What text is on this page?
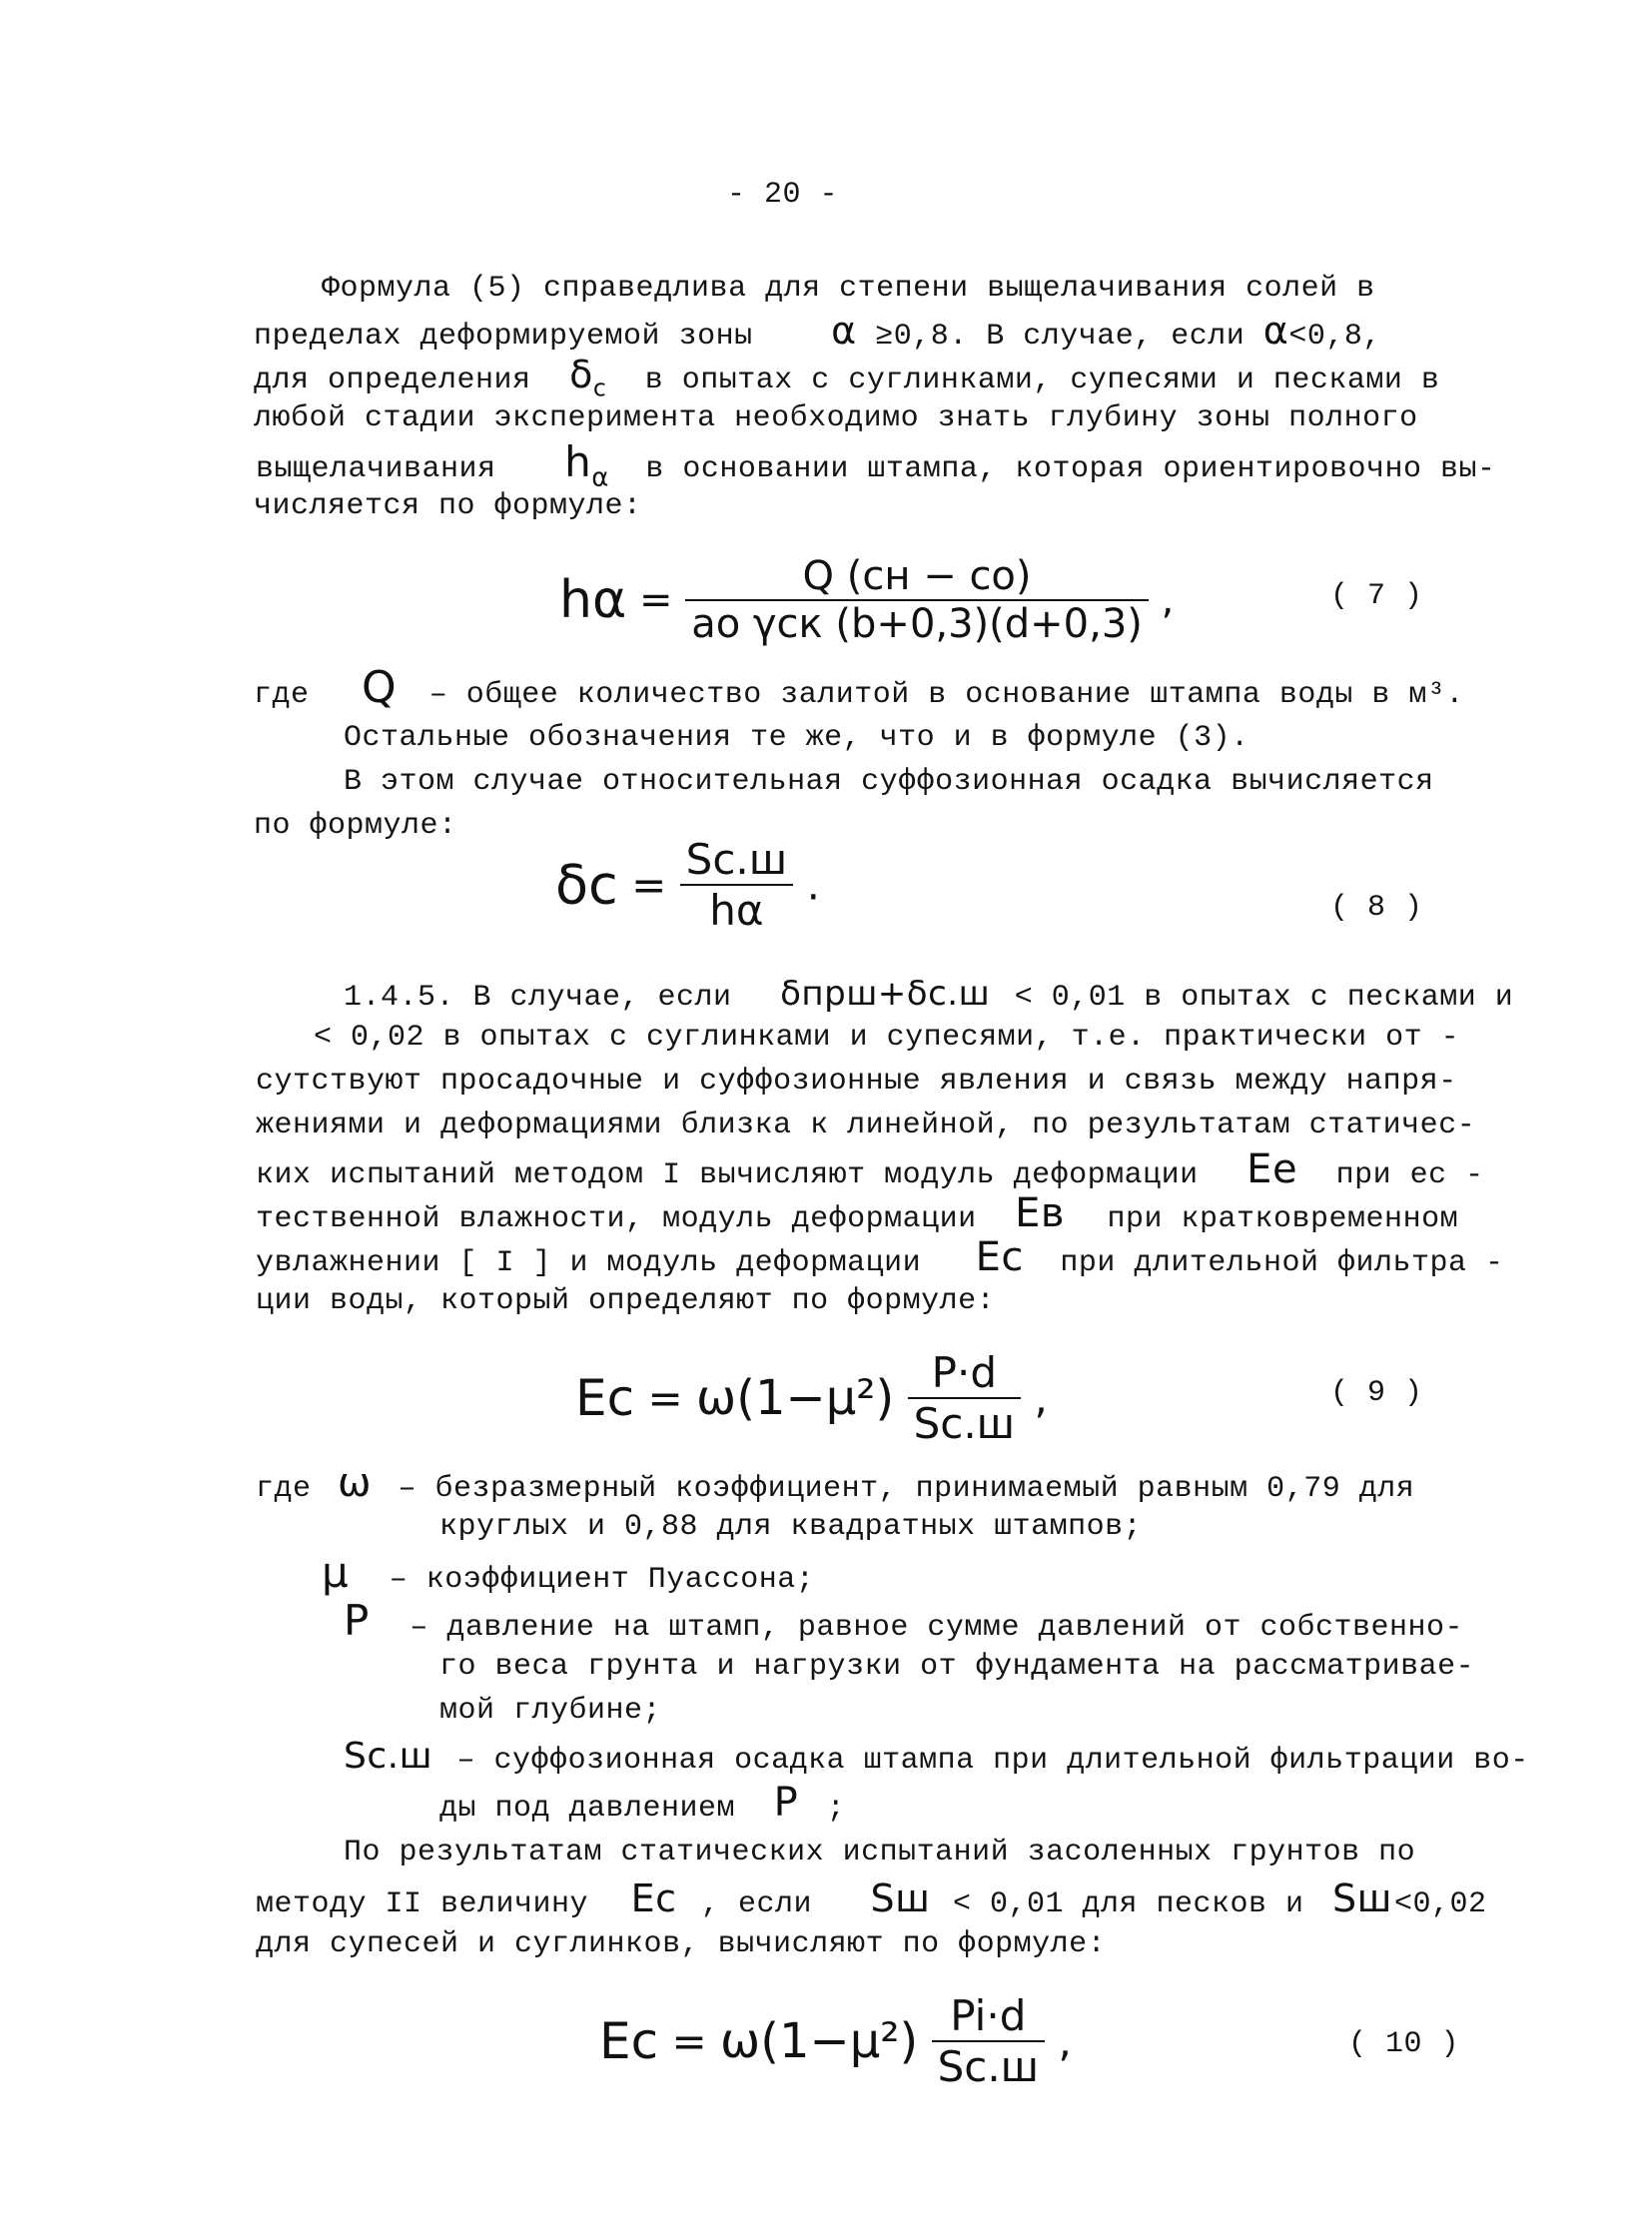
- 20 -
Формула (5) справедлива для степени выщелачивания солей в
пределах деформируемой зоны α ≥0,8. В случае, если α<0,8,
для определения $\delta_c$ в опытах с суглинками, супесями и песками в
любой стадии эксперимента необходимо знать глубину зоны полного
выщелачивания $h_\alpha$ в основании штампа, которая ориентировочно вы-
числяется по формуле:
$h\alpha = \frac{Q (cн - cо)}{\text{aо γск (b+0,3)(d+0,3)}}$ ,	( 7 )
где Q – общее количество залитой в основание штампа воды в м³.
Остальные обозначения те же, что и в формуле (3).
В этом случае относительная суффозионная осадка вычисляется
по формуле:
$\delta c = \frac{Sс.ш}{h\alpha}$ .	( 8 )
1.4.5. В случае, если δпрш+δс.ш < 0,01 в опытах с песками и
< 0,02 в опытах с суглинками и супесями, т.е. практически от -
сутствуют просадочные и суффозионные явления и связь между напря-
жениями и деформациями близка к линейной, по результатам статичес-
ких испытаний методом I вычисляют модуль деформации Eе при ес -
тественной влажности, модуль деформации Eв при кратковременном
увлажнении [ I ] и модуль деформации Eс при длительной фильтра -
ции воды, который определяют по формуле:
Eс = $\omega(1-\mu^2) \frac{P\cdot d}{Sс.ш}$ ,	( 9 )
где ω – безразмерный коэффициент, принимаемый равным 0,79 для
круглых и 0,88 для квадратных штампов;
μ – коэффициент Пуассона;
P – давление на штамп, равное сумме давлений от собственно-
го веса грунта и нагрузки от фундамента на рассматривае-
мой глубине;
Sс.ш – суффозионная осадка штампа при длительной фильтрации во-
ды под давлением P ;
По результатам статических испытаний засоленных грунтов по
методу II величину Eс , если Sш < 0,01 для песков и Sш<0,02
для супесей и суглинков, вычисляют по формуле:
Eс = $\omega(1-\mu^2) \frac{Pi\cdot d}{Sс.ш}$ ,	( 10 )
